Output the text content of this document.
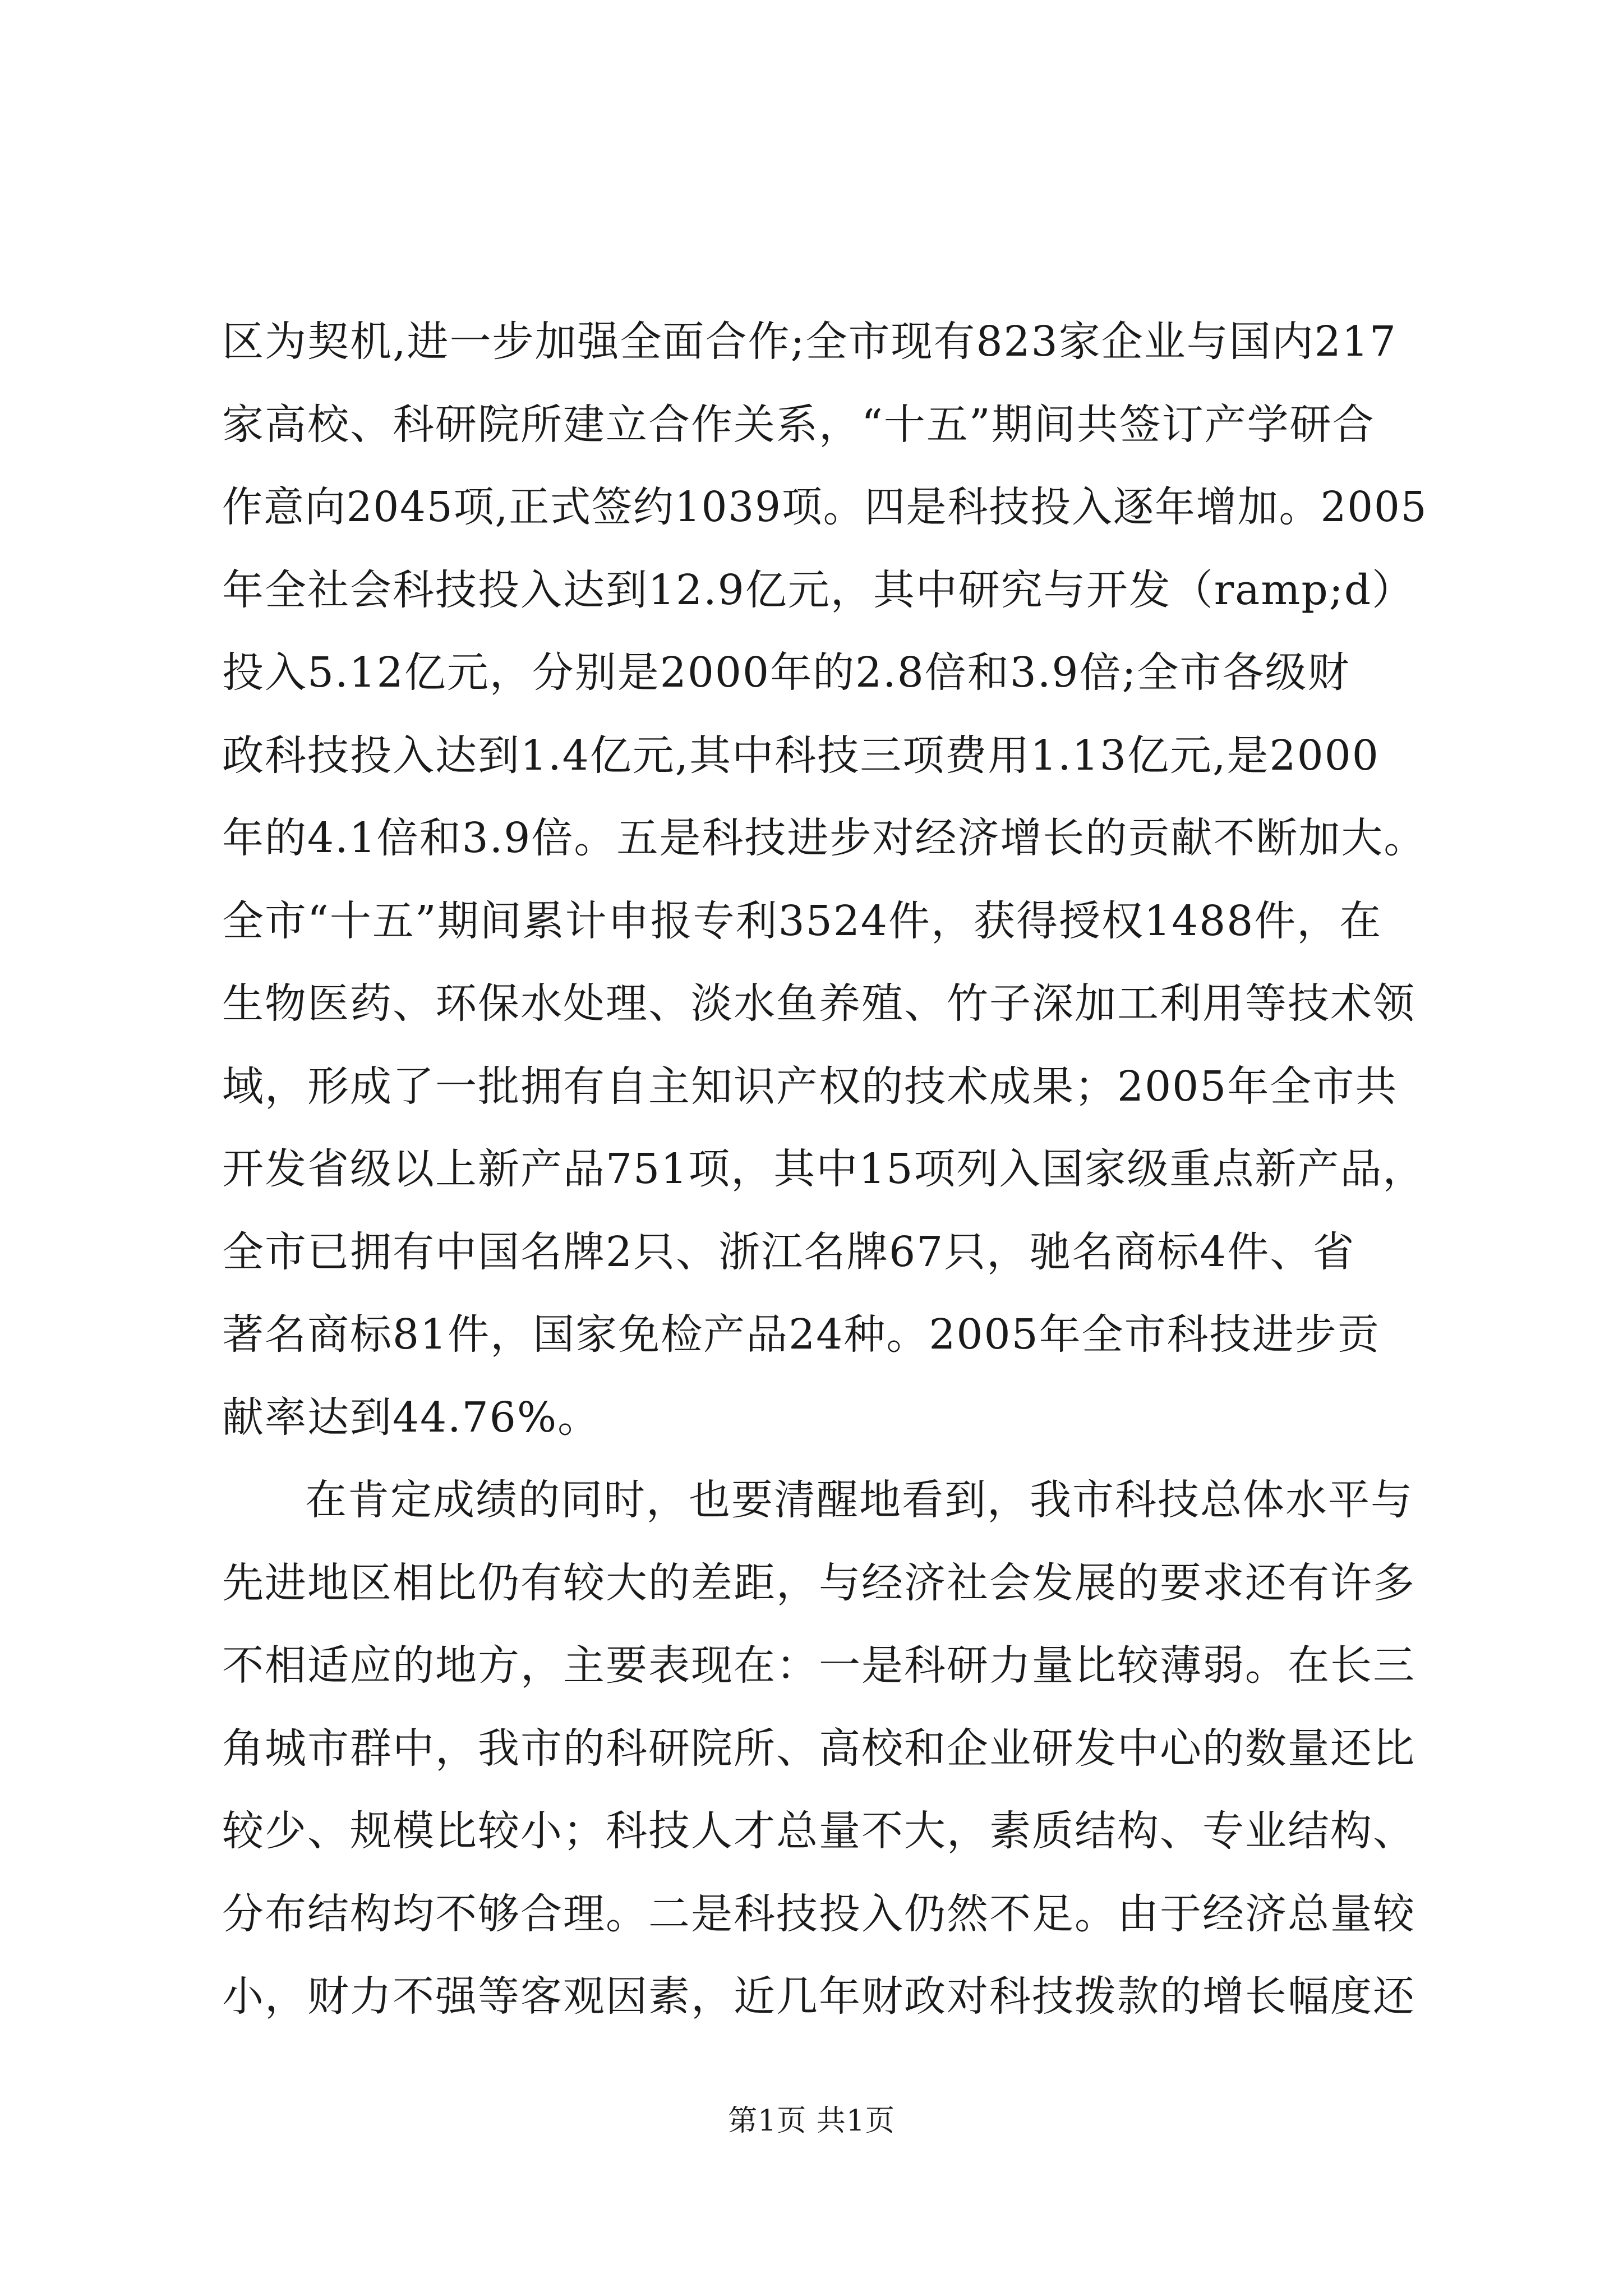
区为契机,进一步加强全面合作;全市现有823家企业与国内217
家高校、科研院所建立合作关系，“十五”期间共签订产学研合
作意向2045项,正式签约1039项。四是科技投入逐年增加。2005
年全社会科技投入达到12.9亿元，其中研究与开发（ramp;d）
投入5.12亿元，分别是2000年的2.8倍和3.9倍;全市各级财
政科技投入达到1.4亿元,其中科技三项费用1.13亿元,是2000
年的4.1倍和3.9倍。五是科技进步对经济增长的贡献不断加大。
全市“十五”期间累计申报专利3524件，获得授权1488件，在
生物医药、环保水处理、淡水鱼养殖、竹子深加工利用等技术领
域，形成了一批拥有自主知识产权的技术成果；2005年全市共
开发省级以上新产品751项，其中15项列入国家级重点新产品，
全市已拥有中国名牌2只、浙江名牌67只，驰名商标4件、省
著名商标81件，国家免检产品24种。2005年全市科技进步贡
献率达到44.76%。
在肯定成绩的同时，也要清醒地看到，我市科技总体水平与
先进地区相比仍有较大的差距，与经济社会发展的要求还有许多
不相适应的地方，主要表现在：一是科研力量比较薄弱。在长三
角城市群中，我市的科研院所、高校和企业研发中心的数量还比
较少、规模比较小；科技人才总量不大，素质结构、专业结构、
分布结构均不够合理。二是科技投入仍然不足。由于经济总量较
小，财力不强等客观因素，近几年财政对科技拨款的增长幅度还
第1页 共1页
